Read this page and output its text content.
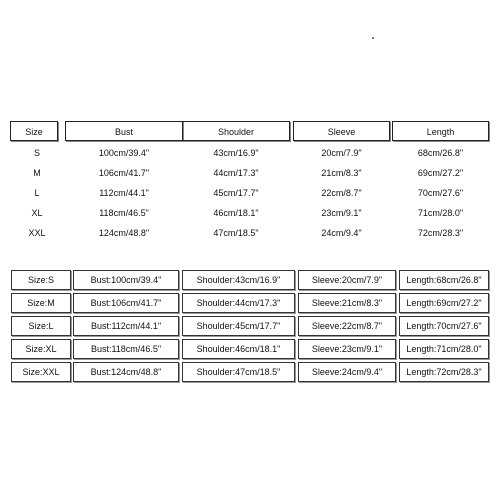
Size	Bust	Shoulder	Sleeve	Length
S	100cm/39.4"	43cm/16.9"	20cm/7.9"	68cm/26.8"
M	106cm/41.7"	44cm/17.3"	21cm/8.3"	69cm/27.2"
L	112cm/44.1"	45cm/17.7"	22cm/8.7"	70cm/27.6"
XL	118cm/46.5"	46cm/18.1"	23cm/9.1"	71cm/28.0"
XXL	124cm/48.8"	47cm/18.5"	24cm/9.4"	72cm/28.3"
Size:S	Bust:100cm/39.4"	Shoulder:43cm/16.9"	Sleeve:20cm/7.9"	Length:68cm/26.8"
Size:M	Bust:106cm/41.7"	Shoulder:44cm/17.3"	Sleeve:21cm/8.3"	Length:69cm/27.2"
Size:L	Bust:112cm/44.1"	Shoulder:45cm/17.7"	Sleeve:22cm/8.7"	Length:70cm/27.6"
Size:XL	Bust:118cm/46.5"	Shoulder:46cm/18.1"	Sleeve:23cm/9.1"	Length:71cm/28.0"
Size:XXL	Bust:124cm/48.8"	Shoulder:47cm/18.5"	Sleeve:24cm/9.4"	Length:72cm/28.3"
